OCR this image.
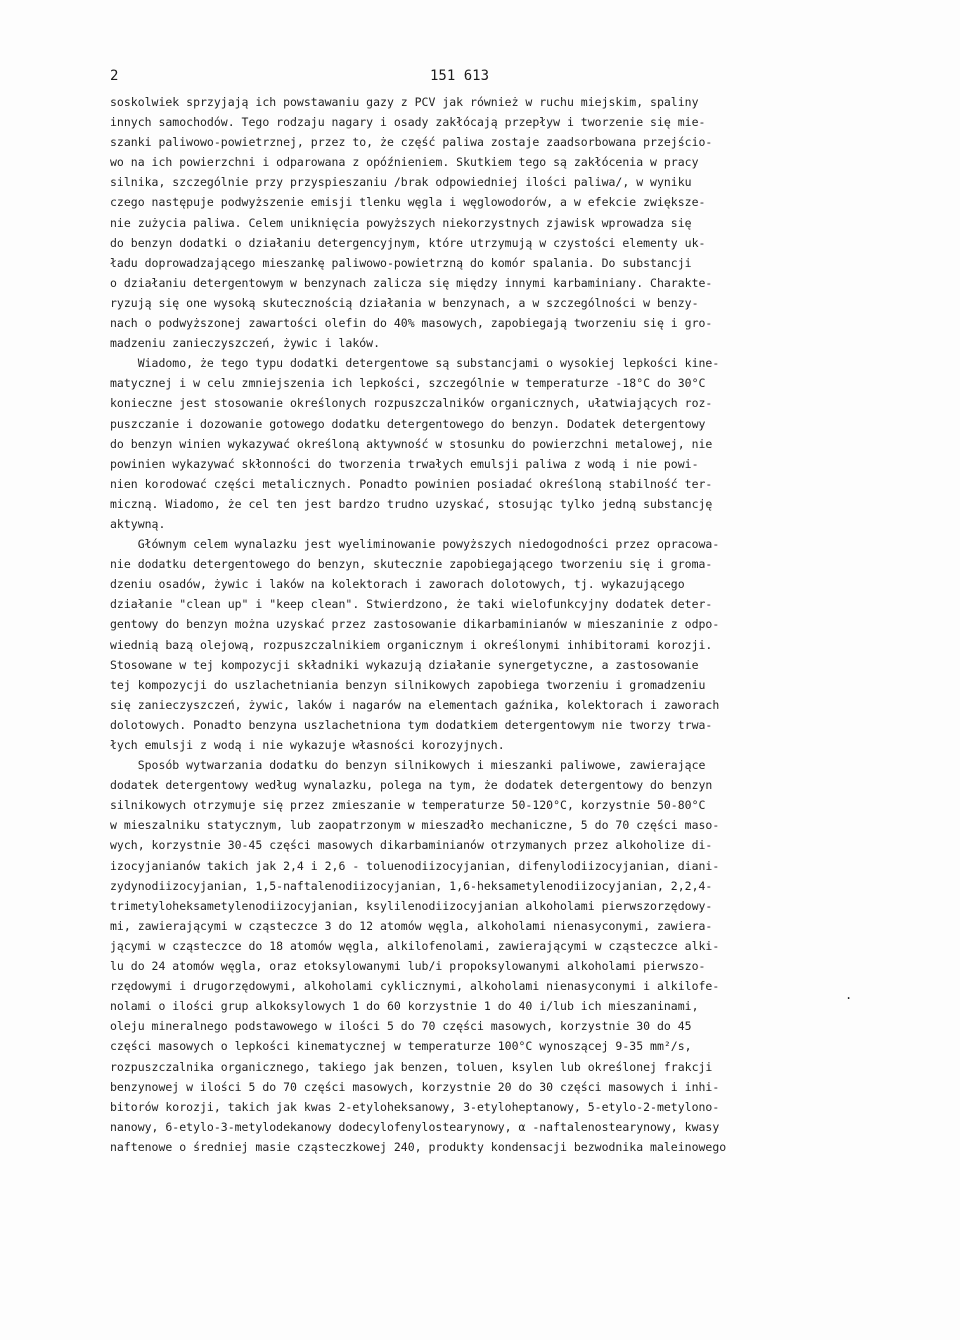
2	151 613
soskolwiek sprzyjają ich powstawaniu gazy z PCV jak również w ruchu miejskim, spaliny
innych samochodów. Tego rodzaju nagary i osady zakłócają przepływ i tworzenie się mie-
szanki paliwowo-powietrznej, przez to, że część paliwa zostaje zaadsorbowana przejścio-
wo na ich powierzchni i odparowana z opóźnieniem. Skutkiem tego są zakłócenia w pracy
silnika, szczególnie przy przyspieszaniu /brak odpowiedniej ilości paliwa/, w wyniku
czego następuje podwyższenie emisji tlenku węgla i węglowodorów, a w efekcie zwiększe-
nie zużycia paliwa. Celem uniknięcia powyższych niekorzystnych zjawisk wprowadza się
do benzyn dodatki o działaniu detergencyjnym, które utrzymują w czystości elementy uk-
ładu doprowadzającego mieszankę paliwowo-powietrzną do komór spalania. Do substancji
o działaniu detergentowym w benzynach zalicza się między innymi karbaminiany. Charakte-
ryzują się one wysoką skutecznością działania w benzynach, a w szczególności w benzy-
nach o podwyższonej zawartości olefin do 40% masowych, zapobiegają tworzeniu się i gro-
madzeniu zanieczyszczeń, żywic i laków.
Wiadomo, że tego typu dodatki detergentowe są substancjami o wysokiej lepkości kine-
matycznej i w celu zmniejszenia ich lepkości, szczególnie w temperaturze -18°C do 30°C
konieczne jest stosowanie określonych rozpuszczalników organicznych, ułatwiających roz-
puszczanie i dozowanie gotowego dodatku detergentowego do benzyn. Dodatek detergentowy
do benzyn winien wykazywać określoną aktywność w stosunku do powierzchni metalowej, nie
powinien wykazywać skłonności do tworzenia trwałych emulsji paliwa z wodą i nie powi-
nien korodować części metalicznych. Ponadto powinien posiadać określoną stabilność ter-
miczną. Wiadomo, że cel ten jest bardzo trudno uzyskać, stosując tylko jedną substancję
aktywną.
Głównym celem wynalazku jest wyeliminowanie powyższych niedogodności przez opracowa-
nie dodatku detergentowego do benzyn, skutecznie zapobiegającego tworzeniu się i groma-
dzeniu osadów, żywic i laków na kolektorach i zaworach dolotowych, tj. wykazującego
działanie "clean up" i "keep clean". Stwierdzono, że taki wielofunkcyjny dodatek deter-
gentowy do benzyn można uzyskać przez zastosowanie dikarbaminianów w mieszaninie z odpo-
wiednią bazą olejową, rozpuszczalnikiem organicznym i określonymi inhibitorami korozji.
Stosowane w tej kompozycji składniki wykazują działanie synergetyczne, a zastosowanie
tej kompozycji do uszlachetniania benzyn silnikowych zapobiega tworzeniu i gromadzeniu
się zanieczyszczeń, żywic, laków i nagarów na elementach gaźnika, kolektorach i zaworach
dolotowych. Ponadto benzyna uszlachetniona tym dodatkiem detergentowym nie tworzy trwa-
łych emulsji z wodą i nie wykazuje własności korozyjnych.
Sposób wytwarzania dodatku do benzyn silnikowych i mieszanki paliwowe, zawierające
dodatek detergentowy według wynalazku, polega na tym, że dodatek detergentowy do benzyn
silnikowych otrzymuje się przez zmieszanie w temperaturze 50-120°C, korzystnie 50-80°C
w mieszalniku statycznym, lub zaopatrzonym w mieszadło mechaniczne, 5 do 70 części maso-
wych, korzystnie 30-45 części masowych dikarbaminianów otrzymanych przez alkoholize di-
izocyjanianów takich jak 2,4 i 2,6 - toluenodiizocyjanian, difenylodiizocyjanian, diani-
zydynodiizocyjanian, 1,5-naftalenodiizocyjanian, 1,6-heksametylenodiizocyjanian, 2,2,4-
trimetyloheksametylenodiizocyjanian, ksylilenodiizocyjanian alkoholami pierwszorzędowy-
mi, zawierającymi w cząsteczce 3 do 12 atomów węgla, alkoholami nienasyconymi, zawiera-
jącymi w cząsteczce do 18 atomów węgla, alkilofenolami, zawierającymi w cząsteczce alki-
lu do 24 atomów węgla, oraz etoksylowanymi lub/i propoksylowanymi alkoholami pierwszo-
rzędowymi i drugorzędowymi, alkoholami cyklicznymi, alkoholami nienasyconymi i alkilofe-
nolami o ilości grup alkoksylowych 1 do 60 korzystnie 1 do 40 i/lub ich mieszaninami,
oleju mineralnego podstawowego w ilości 5 do 70 części masowych, korzystnie 30 do 45
części masowych o lepkości kinematycznej w temperaturze 100°C wynoszącej 9-35 mm²/s,
rozpuszczalnika organicznego, takiego jak benzen, toluen, ksylen lub określonej frakcji
benzynowej w ilości 5 do 70 części masowych, korzystnie 20 do 30 części masowych i inhi-
bitorów korozji, takich jak kwas 2-etyloheksanowy, 3-etyloheptanowy, 5-etylo-2-metylono-
nanowy, 6-etylo-3-metylodekanowy dodecylofenylostearynowy, α -naftalenostearynowy, kwasy
naftenowe o średniej masie cząsteczkowej 240, produkty kondensacji bezwodnika maleinowego
.
